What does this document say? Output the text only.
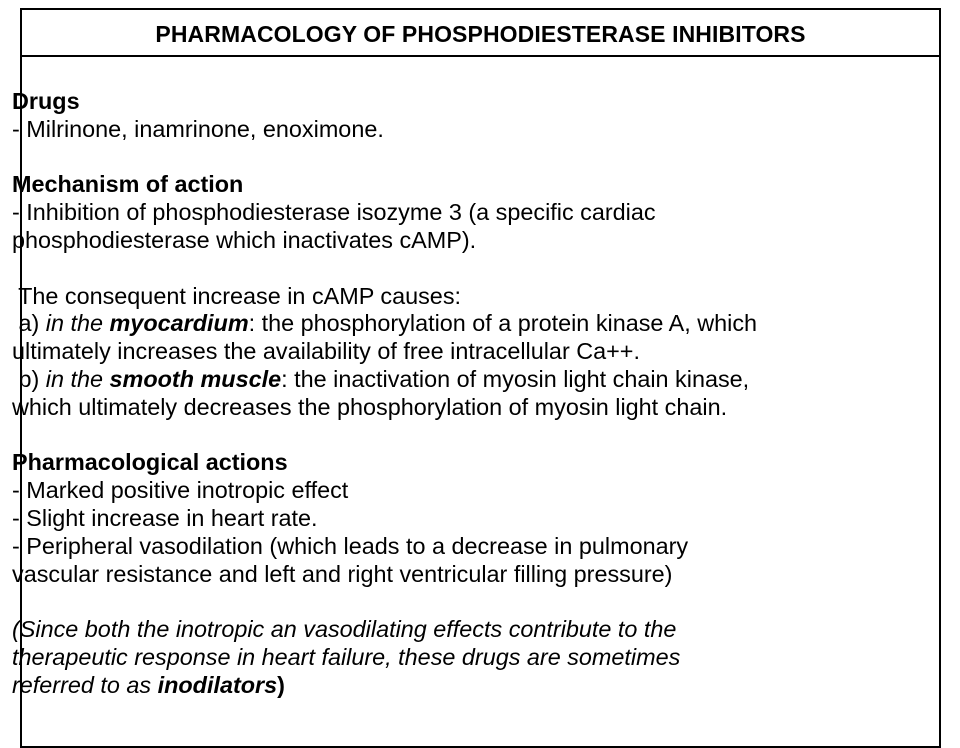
PHARMACOLOGY OF PHOSPHODIESTERASE INHIBITORS
Drugs
- Milrinone, inamrinone, enoximone.
Mechanism of action
- Inhibition of phosphodiesterase isozyme 3 (a specific cardiac
phosphodiesterase which inactivates cAMP).
The consequent increase in cAMP causes:
a) in the myocardium: the phosphorylation of a protein kinase A, which
ultimately increases the availability of free intracellular Ca++.
b) in the smooth muscle: the inactivation of myosin light chain kinase,
which ultimately decreases the phosphorylation of myosin light chain.
Pharmacological actions
- Marked positive inotropic effect
- Slight increase in heart rate.
- Peripheral vasodilation (which leads to a decrease in pulmonary
vascular resistance and left and right ventricular filling pressure)
(Since both the inotropic an vasodilating effects contribute to the
therapeutic response in heart failure, these drugs are sometimes
referred to as inodilators)
